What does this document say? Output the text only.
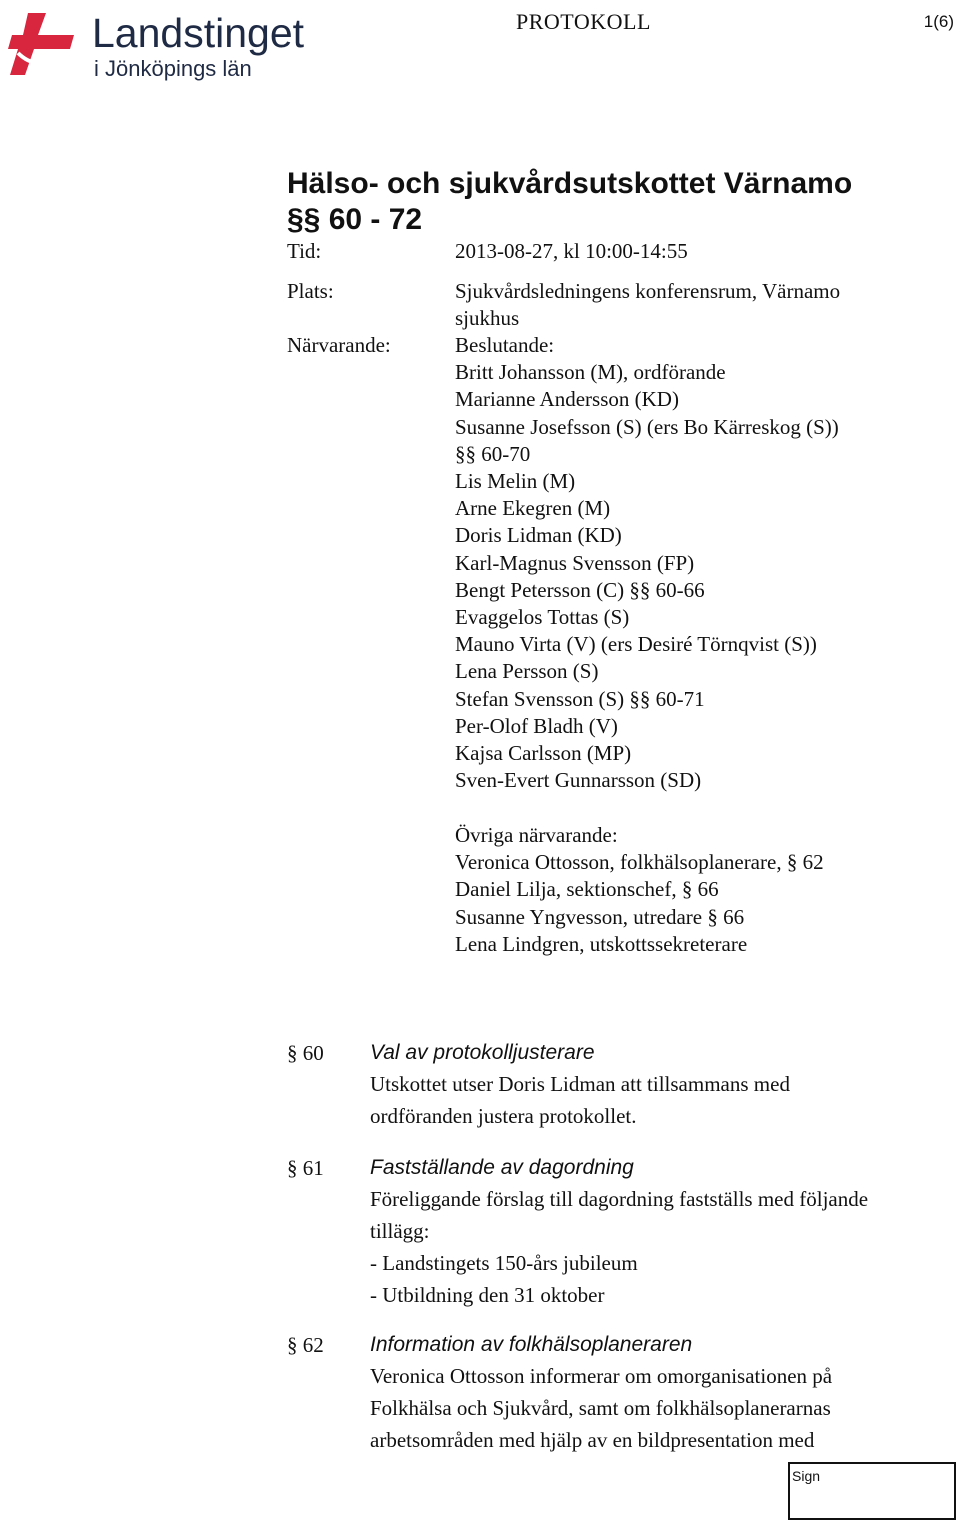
Landstinget
i Jönköpings län
PROTOKOLL	1(6)
Hälso- och sjukvårdsutskottet Värnamo
§§ 60 - 72
Tid:	2013-08-27, kl 10:00-14:55
Plats:	Sjukvårdsledningens konferensrum, Värnamo
sjukhus
Närvarande:	Beslutande:
Britt Johansson (M), ordförande
Marianne Andersson (KD)
Susanne Josefsson (S) (ers Bo Kärreskog (S))
§§ 60-70
Lis Melin (M)
Arne Ekegren (M)
Doris Lidman (KD)
Karl-Magnus Svensson (FP)
Bengt Petersson (C) §§ 60-66
Evaggelos Tottas (S)
Mauno Virta (V) (ers Desiré Törnqvist (S))
Lena Persson (S)
Stefan Svensson (S) §§ 60-71
Per-Olof Bladh (V)
Kajsa Carlsson (MP)
Sven-Evert Gunnarsson (SD)
Övriga närvarande:
Veronica Ottosson, folkhälsoplanerare, § 62
Daniel Lilja, sektionschef, § 66
Susanne Yngvesson, utredare § 66
Lena Lindgren, utskottssekreterare
§ 60 Val av protokolljusterare
Utskottet utser Doris Lidman att tillsammans med
ordföranden justera protokollet.
§ 61 Fastställande av dagordning
Föreliggande förslag till dagordning fastställs med följande
tillägg:
- Landstingets 150-års jubileum
- Utbildning den 31 oktober
§ 62 Information av folkhälsoplaneraren
Veronica Ottosson informerar om omorganisationen på
Folkhälsa och Sjukvård, samt om folkhälsoplanerarnas
arbetsområden med hjälp av en bildpresentation med
Sign
